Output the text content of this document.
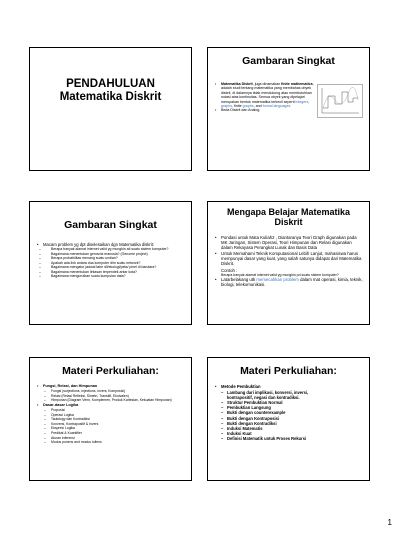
PENDAHULUAN
Matematika Diskrit
Gambaran Singkat
• Matematika Diskrit, juga dinamakan finite mathematics, adalah studi tentang matematika yang membahas obyek diskrit, di dalamnya tidak mendukung atau membutuhkan notasi atas kontinuitas. Semua obyek yang dipelajari merupakan bentuk matematika terkecil seperti integers, graphs, finite graphs, and formal languages.
• Beda Diskrit dan Analog
Gambaran Singkat
• Macam problem yg dpt diselesaikan dgn Matematika diskrit:
– Berapa banyak alamat internet valid yg mungkin ati suatu sistem komputer?
– Bagaimana menentukan gerosmk manusia? (Genome project)
– Berapa probabilitas menang suatu undian?
– Apakah ada link antara dua komputer dlm suatu network?
– Bagaimana mengatur jadwal tabe dll/ekologi/peta/ pinel di bandara?
– Bagaimana menentukan lintasan terpendek antar kota?
– Bagaimana mengurutkan suatu kumpulan data?
Mengapa Belajar Matematika
Diskrit
• Pondasi untuk Mata Kuliah2 , Diantaranya Teori Graph digunakan pada MK Jaringan, Sistem Operasi, Teori Himpunan dan Relasi digunakan dalam Rekayasa Perangkat Lunak dan Basis Data
• Untuk Memahami Teknik Komputasional Lebih Lanjut, mahasiswa harus mempunyai dasar yang kuat, yang salah satunya didapat dari Matematika Diskrit.
Contoh :
Berapa banyak alamat internet valid yg mungkin pd suatu sistem komputer?
• Latarbelakang utk memecahkan problem dalam mat operasi, kimia, teknik, biologi, telekomunikasi.
Materi Perkuliahan:
• Fungsi, Relasi, dan Himpunan
– Fungsi (surjections, injections, invers, Komposisi)
– Relasi (Relasi Refleksi, Simetri, Transitif, Ekuivalen)
– Himpunan (Diagram Venn, Komplemen, Produk Kartesian, Kekuatan Himpunan)
• Dasar-dasar Logika
– Proposisi
– Operasi Logika
– Tautology dan Kontradiksi
– Konversi, Kontrapositif & Invers
– Ekspresi Logika
– Predikat & Kuantifier
– Aturan inferensi
– Modus ponens and modus tollens
Materi Perkuliahan:
• Metode Pembuktian
– Lambang dari implikasi, konversi, inversi,
kontrapositif, negasi dan kontradiksi.
– Struktur Pembuktian Normal
– Pembuktian Langsung
– Bukti dengan counterexample
– Bukti dengan Kontraposisi
– Bukti dengan Kontradiksi
– Induksi Matematis
– Induksi Kuat
– Definisi Matematik untuk Proses Rekursi
1
